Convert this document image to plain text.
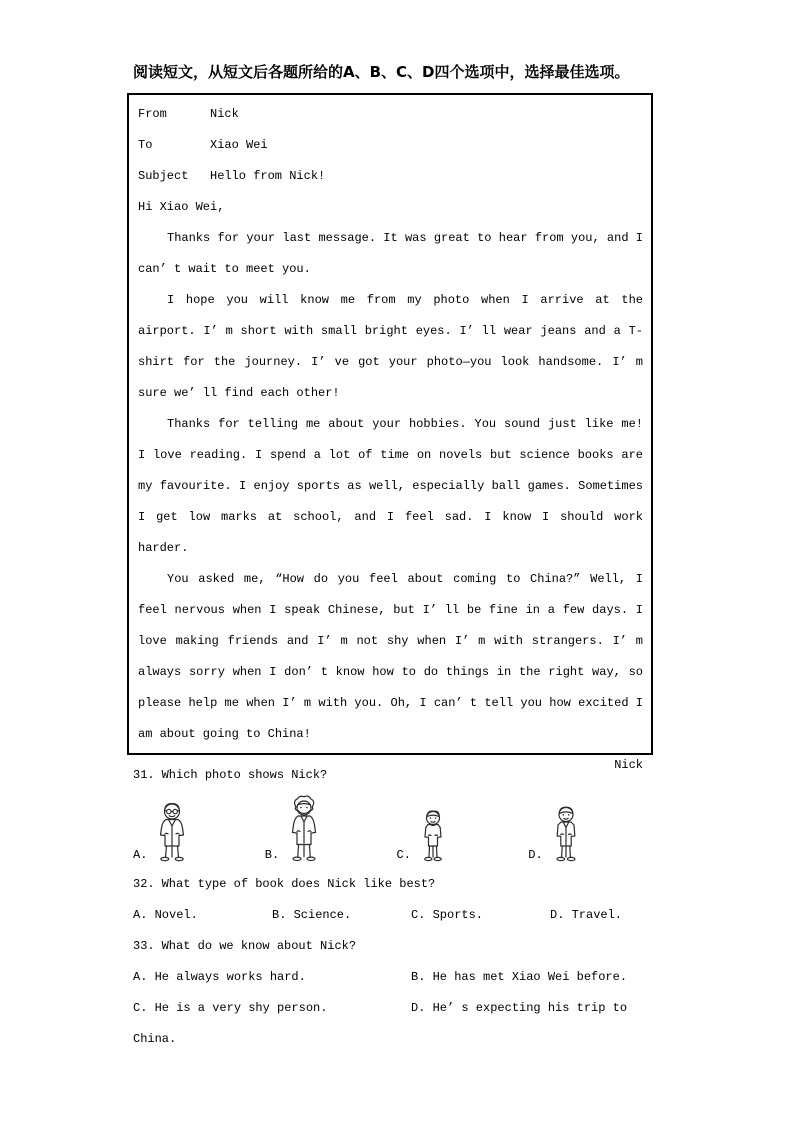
阅读短文，从短文后各题所给的A、B、C、D四个选项中，选择最佳选项。
From	Nick
To	Xiao Wei
Subject	Hello from Nick!

Hi Xiao Wei,

Thanks for your last message. It was great to hear from you, and I can’ t wait to meet you.

I hope you will know me from my photo when I arrive at the airport. I’ m short with small bright eyes. I’ ll wear jeans and a T-shirt for the journey. I’ ve got your photo—you look handsome. I’ m sure we’ ll find each other!

Thanks for telling me about your hobbies. You sound just like me! I love reading. I spend a lot of time on novels but science books are my favourite. I enjoy sports as well, especially ball games. Sometimes I get low marks at school, and I feel sad. I know I should work harder.

You asked me, “How do you feel about coming to China?” Well, I feel nervous when I speak Chinese, but I’ ll be fine in a few days. I love making friends and I’ m not shy when I’ m with strangers. I’ m always sorry when I don’ t know how to do things in the right way, so please help me when I’ m with you. Oh, I can’ t tell you how excited I am about going to China!

Nick

31. Which photo shows Nick?
A.	B.	C.	D.
32. What type of book does Nick like best?
A. Novel.	B. Science.	C. Sports.	D. Travel.
33. What do we know about Nick?
A. He always works hard.	B. He has met Xiao Wei before.
C. He is a very shy person.	D. He’ s expecting his trip to
China.
